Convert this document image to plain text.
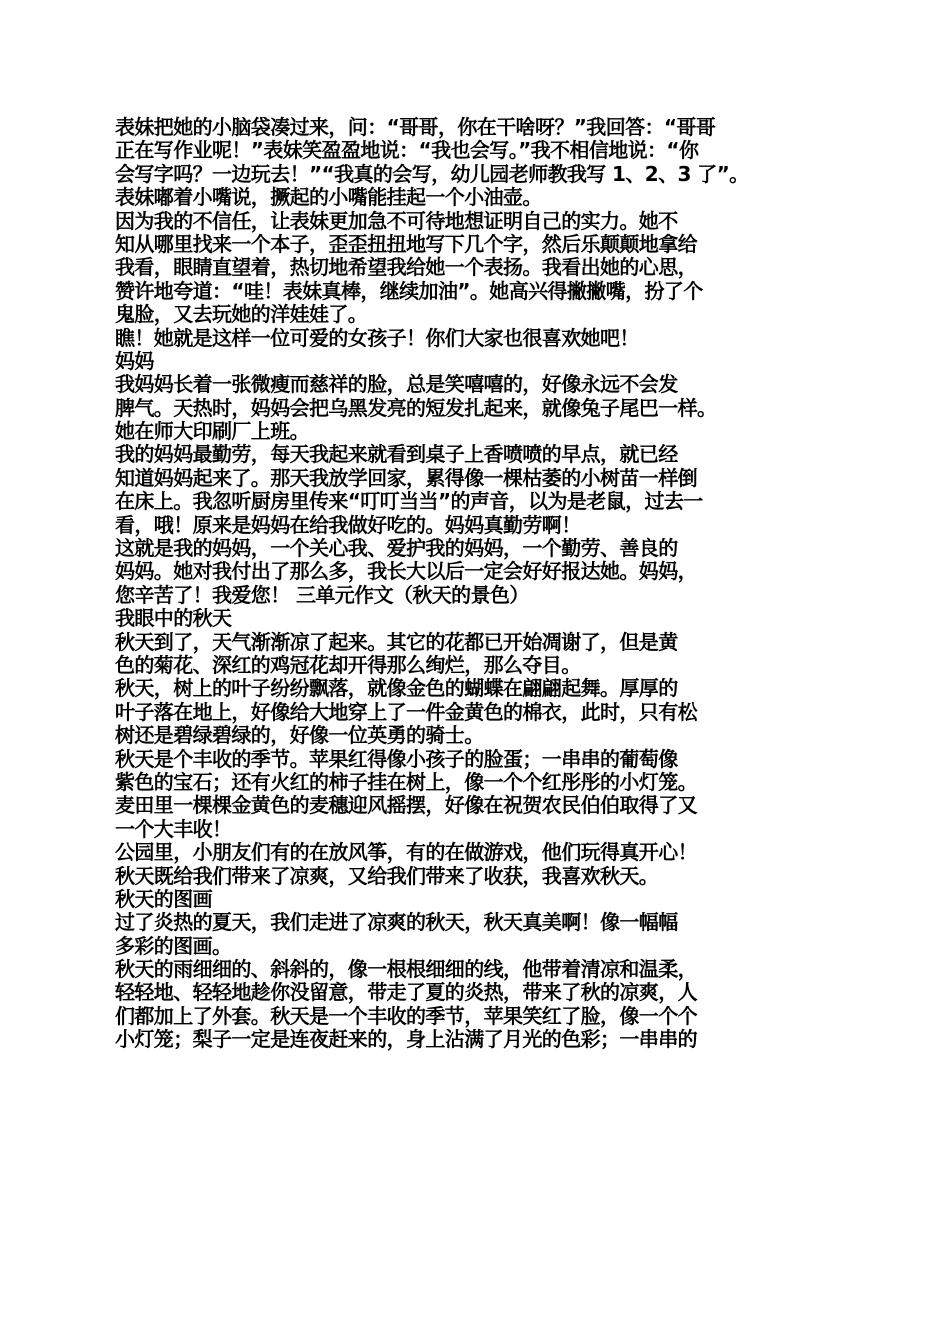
表妹把她的小脑袋凑过来，问：“哥哥，你在干啥呀？”我回答：“哥哥
正在写作业呢！”表妹笑盈盈地说：“我也会写。”我不相信地说：“你
会写字吗？一边玩去！”“我真的会写，幼儿园老师教我写 1、2、3 了”。
表妹嘟着小嘴说，撅起的小嘴能挂起一个小油壶。
因为我的不信任，让表妹更加急不可待地想证明自己的实力。她不
知从哪里找来一个本子，歪歪扭扭地写下几个字，然后乐颠颠地拿给
我看，眼睛直望着，热切地希望我给她一个表扬。我看出她的心思，
赞许地夸道：“哇！表妹真棒，继续加油”。她高兴得撇撇嘴，扮了个
鬼脸，又去玩她的洋娃娃了。
瞧！她就是这样一位可爱的女孩子！你们大家也很喜欢她吧！
妈妈
我妈妈长着一张微瘦而慈祥的脸，总是笑嘻嘻的，好像永远不会发
脾气。天热时，妈妈会把乌黑发亮的短发扎起来，就像兔子尾巴一样。
她在师大印刷厂上班。
我的妈妈最勤劳，每天我起来就看到桌子上香喷喷的早点，就已经
知道妈妈起来了。那天我放学回家，累得像一棵枯萎的小树苗一样倒
在床上。我忽听厨房里传来“叮叮当当”的声音，以为是老鼠，过去一
看，哦！原来是妈妈在给我做好吃的。妈妈真勤劳啊！
这就是我的妈妈，一个关心我、爱护我的妈妈，一个勤劳、善良的
妈妈。她对我付出了那么多，我长大以后一定会好好报达她。妈妈，
您辛苦了！我爱您！ 三单元作文（秋天的景色）
我眼中的秋天
秋天到了，天气渐渐凉了起来。其它的花都已开始凋谢了，但是黄
色的菊花、深红的鸡冠花却开得那么绚烂，那么夺目。
秋天，树上的叶子纷纷飘落，就像金色的蝴蝶在翩翩起舞。厚厚的
叶子落在地上，好像给大地穿上了一件金黄色的棉衣，此时，只有松
树还是碧绿碧绿的，好像一位英勇的骑士。
秋天是个丰收的季节。苹果红得像小孩子的脸蛋；一串串的葡萄像
紫色的宝石；还有火红的柿子挂在树上，像一个个红彤彤的小灯笼。
麦田里一棵棵金黄色的麦穗迎风摇摆，好像在祝贺农民伯伯取得了又
一个大丰收！
公园里，小朋友们有的在放风筝，有的在做游戏，他们玩得真开心！
秋天既给我们带来了凉爽，又给我们带来了收获，我喜欢秋天。
秋天的图画
过了炎热的夏天，我们走进了凉爽的秋天，秋天真美啊！像一幅幅
多彩的图画。
秋天的雨细细的、斜斜的，像一根根细细的线，他带着清凉和温柔，
轻轻地、轻轻地趁你没留意，带走了夏的炎热，带来了秋的凉爽，人
们都加上了外套。秋天是一个丰收的季节，苹果笑红了脸，像一个个
小灯笼；梨子一定是连夜赶来的，身上沾满了月光的色彩；一串串的
